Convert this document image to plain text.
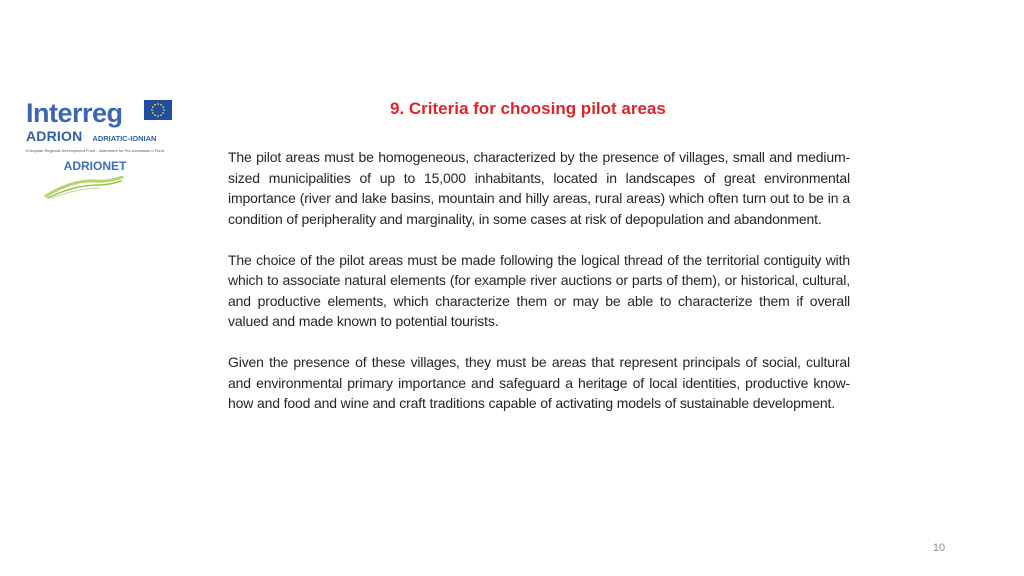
Interreg
ADRION ADRIATIC-IONIAN
European Regional Development Fund - Instrument for Pre-Accession II Fund
ADRIONET
9. Criteria for choosing pilot areas

The pilot areas must be homogeneous, characterized by the presence of villages, small and medium-sized municipalities of up to 15,000 inhabitants, located in landscapes of great environmental importance (river and lake basins, mountain and hilly areas, rural areas) which often turn out to be in a condition of peripherality and marginality, in some cases at risk of depopulation and abandonment.

The choice of the pilot areas must be made following the logical thread of the territorial contiguity with which to associate natural elements (for example river auctions or parts of them), or historical, cultural, and productive elements, which characterize them or may be able to characterize them if overall valued and made known to potential tourists.

Given the presence of these villages, they must be areas that represent principals of social, cultural and environmental primary importance and safeguard a heritage of local identities, productive know-how and food and wine and craft traditions capable of activating models of sustainable development.

10
